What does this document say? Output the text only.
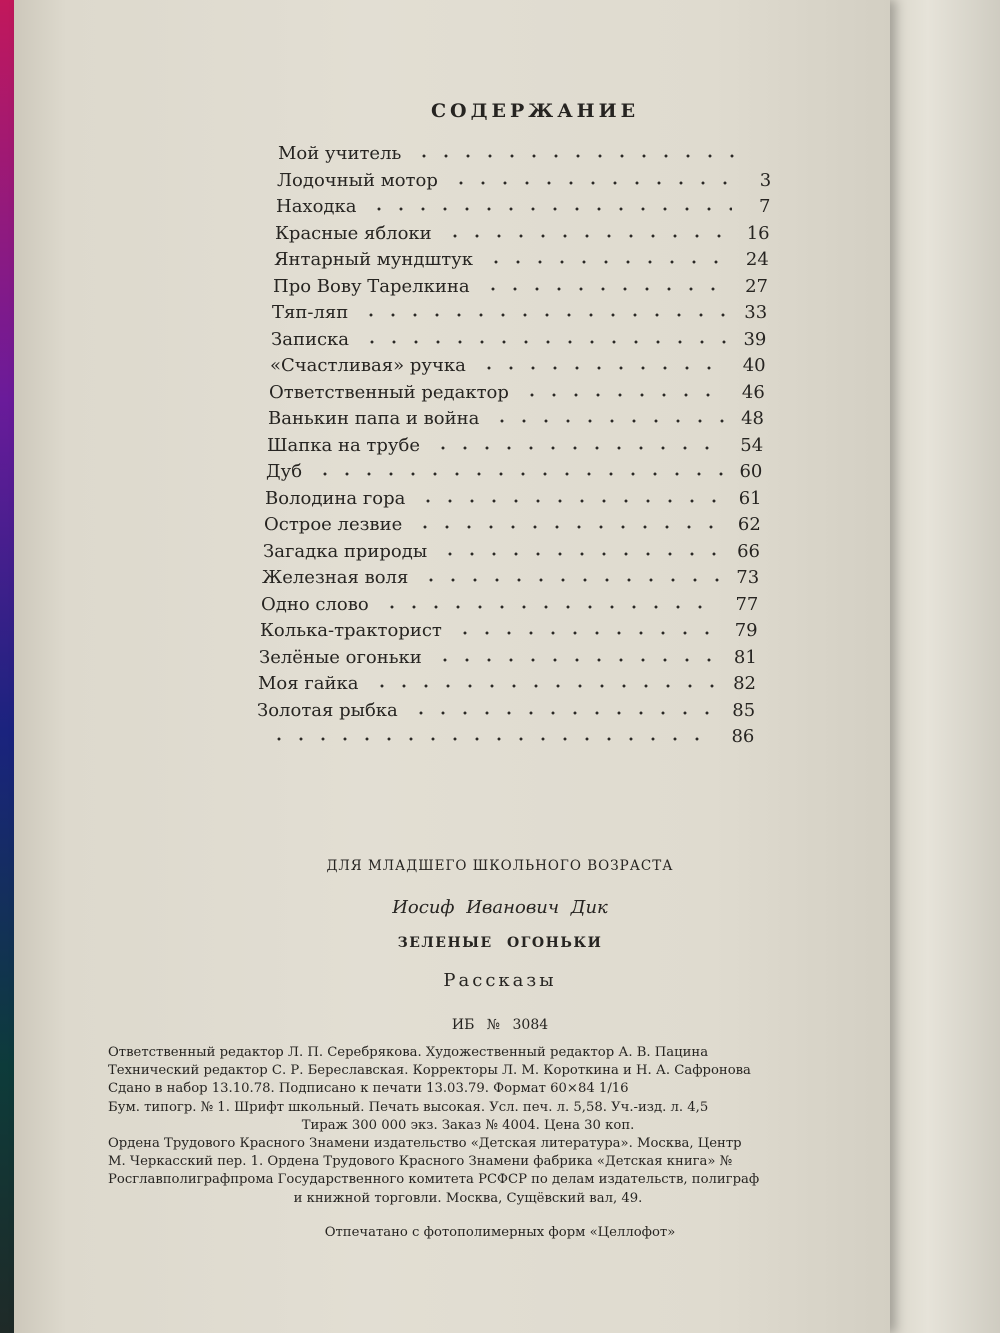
СОДЕРЖАНИЕ
Мой учитель
Лодочный мотор	3
Находка	7
Красные яблоки	16
Янтарный мундштук	24
Про Вову Тарелкина	27
Тяп-ляп	33
Записка	39
«Счастливая» ручка	40
Ответственный редактор	46
Ванькин папа и война	48
Шапка на трубе	54
Дуб	60
Володина гора	61
Острое лезвие	62
Загадка природы	66
Железная воля	73
Одно слово	77
Колька-тракторист	79
Зелёные огоньки	81
Моя гайка	82
Золотая рыбка	85
86
ДЛЯ МЛАДШЕГО ШКОЛЬНОГО ВОЗРАСТА
Иосиф Иванович Дик
ЗЕЛЕНЫЕ ОГОНЬКИ
Рассказы
ИБ № 3084
Ответственный редактор Л. П. Серебрякова. Художественный редактор А. В. Пацина
Технический редактор С. Р. Береславская. Корректоры Л. М. Короткина и Н. А. Сафронова
Сдано в набор 13.10.78. Подписано к печати 13.03.79. Формат 60×84 1/16
Бум. типогр. № 1. Шрифт школьный. Печать высокая. Усл. печ. л. 5,58. Уч.-изд. л. 4,5
Тираж 300 000 экз. Заказ № 4004. Цена 30 коп.
Ордена Трудового Красного Знамени издательство «Детская литература». Москва, Центр
М. Черкасский пер. 1. Ордена Трудового Красного Знамени фабрика «Детская книга» №
Росглавполиграфпрома Государственного комитета РСФСР по делам издательств, полиграф
и книжной торговли. Москва, Сущёвский вал, 49.
Отпечатано с фотополимерных форм «Целлофот»
